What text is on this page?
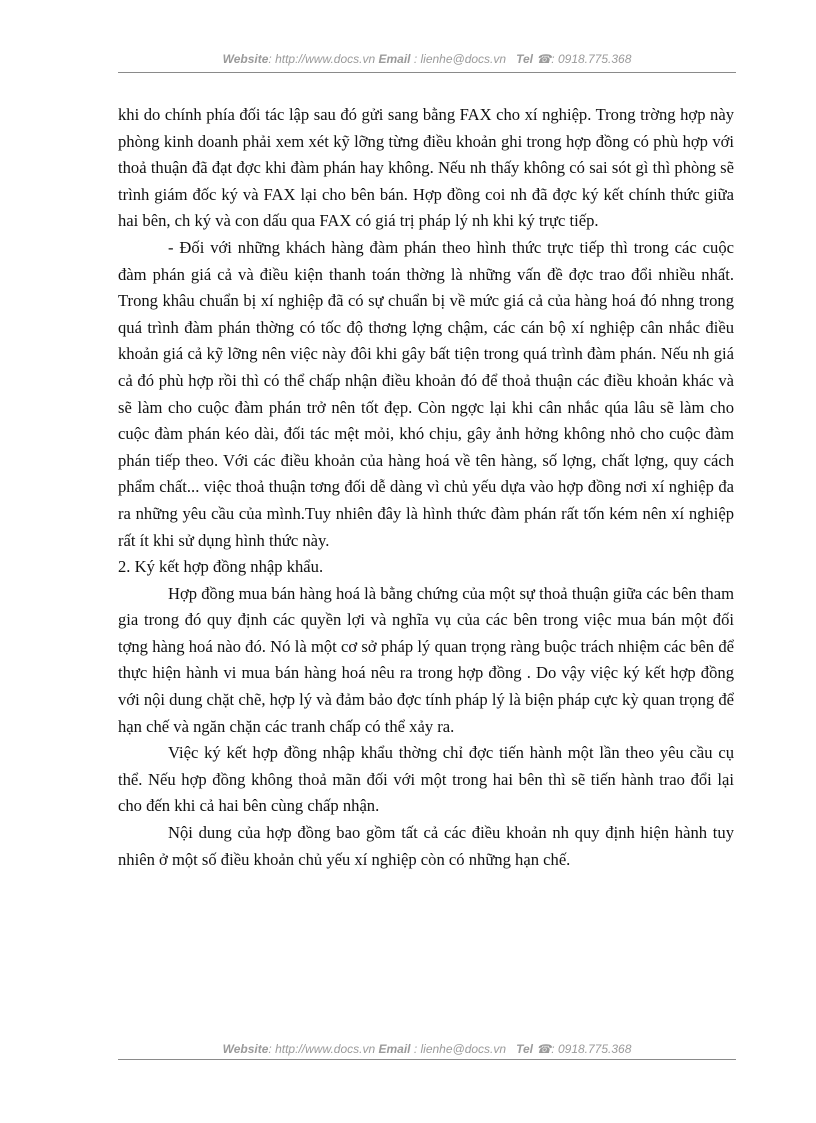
Website: http://www.docs.vn Email : lienhe@docs.vn Tel ☎: 0918.775.368

khi do chính phía đối tác lập sau đó gửi sang bằng FAX cho xí nghiệp. Trong trờng hợp này phòng kinh doanh phải xem xét kỹ lỡng từng điều khoản ghi trong hợp đồng có phù hợp với thoả thuận đã đạt đợc khi đàm phán hay không. Nếu nh thấy không có sai sót gì thì phòng sẽ trình giám đốc ký và FAX lại cho bên bán. Hợp đồng coi nh đã đợc ký kết chính thức giữa hai bên, ch ký và con dấu qua FAX có giá trị pháp lý nh khi ký trực tiếp.

- Đối với những khách hàng đàm phán theo hình thức trực tiếp thì trong các cuộc đàm phán giá cả và điều kiện thanh toán thờng là những vấn đề đợc trao đổi nhiều nhất. Trong khâu chuẩn bị xí nghiệp đã có sự chuẩn bị về mức giá cả của hàng hoá đó nhng trong quá trình đàm phán thờng có tốc độ thơng lợng chậm, các cán bộ xí nghiệp cân nhắc điều khoản giá cả kỹ lỡng nên việc này đôi khi gây bất tiện trong quá trình đàm phán. Nếu nh giá cả đó phù hợp rồi thì có thể chấp nhận điều khoản đó để thoả thuận các điều khoản khác và sẽ làm cho cuộc đàm phán trở nên tốt đẹp. Còn ngợc lại khi cân nhắc qúa lâu sẽ làm cho cuộc đàm phán kéo dài, đối tác mệt mỏi, khó chịu, gây ảnh hởng không nhỏ cho cuộc đàm phán tiếp theo. Với các điều khoản của hàng hoá về tên hàng, số lợng, chất lợng, quy cách phẩm chất... việc thoả thuận tơng đối dễ dàng vì chủ yếu dựa vào hợp đồng nơi xí nghiệp đa ra những yêu cầu của mình.Tuy nhiên đây là hình thức đàm phán rất tốn kém nên xí nghiệp rất ít khi sử dụng hình thức này.

2. Ký kết hợp đồng nhập khẩu.

Hợp đồng mua bán hàng hoá là bằng chứng của một sự thoả thuận giữa các bên tham gia trong đó quy định các quyền lợi và nghĩa vụ của các bên trong việc mua bán một đối tợng hàng hoá nào đó. Nó là một cơ sở pháp lý quan trọng ràng buộc trách nhiệm các bên để thực hiện hành vi mua bán hàng hoá nêu ra trong hợp đồng . Do vậy việc ký kết hợp đồng với nội dung chặt chẽ, hợp lý và đảm bảo đợc tính pháp lý là biện pháp cực kỳ quan trọng để hạn chế và ngăn chặn các tranh chấp có thể xảy ra.

Việc ký kết hợp đồng nhập khẩu thờng chỉ đợc tiến hành một lần theo yêu cầu cụ thể. Nếu hợp đồng không thoả mãn đối với một trong hai bên thì sẽ tiến hành trao đổi lại cho đến khi cả hai bên cùng chấp nhận.

Nội dung của hợp đồng bao gồm tất cả các điều khoản nh quy định hiện hành tuy nhiên ở một số điều khoản chủ yếu xí nghiệp còn có những hạn chế.

Website: http://www.docs.vn Email : lienhe@docs.vn Tel ☎: 0918.775.368
